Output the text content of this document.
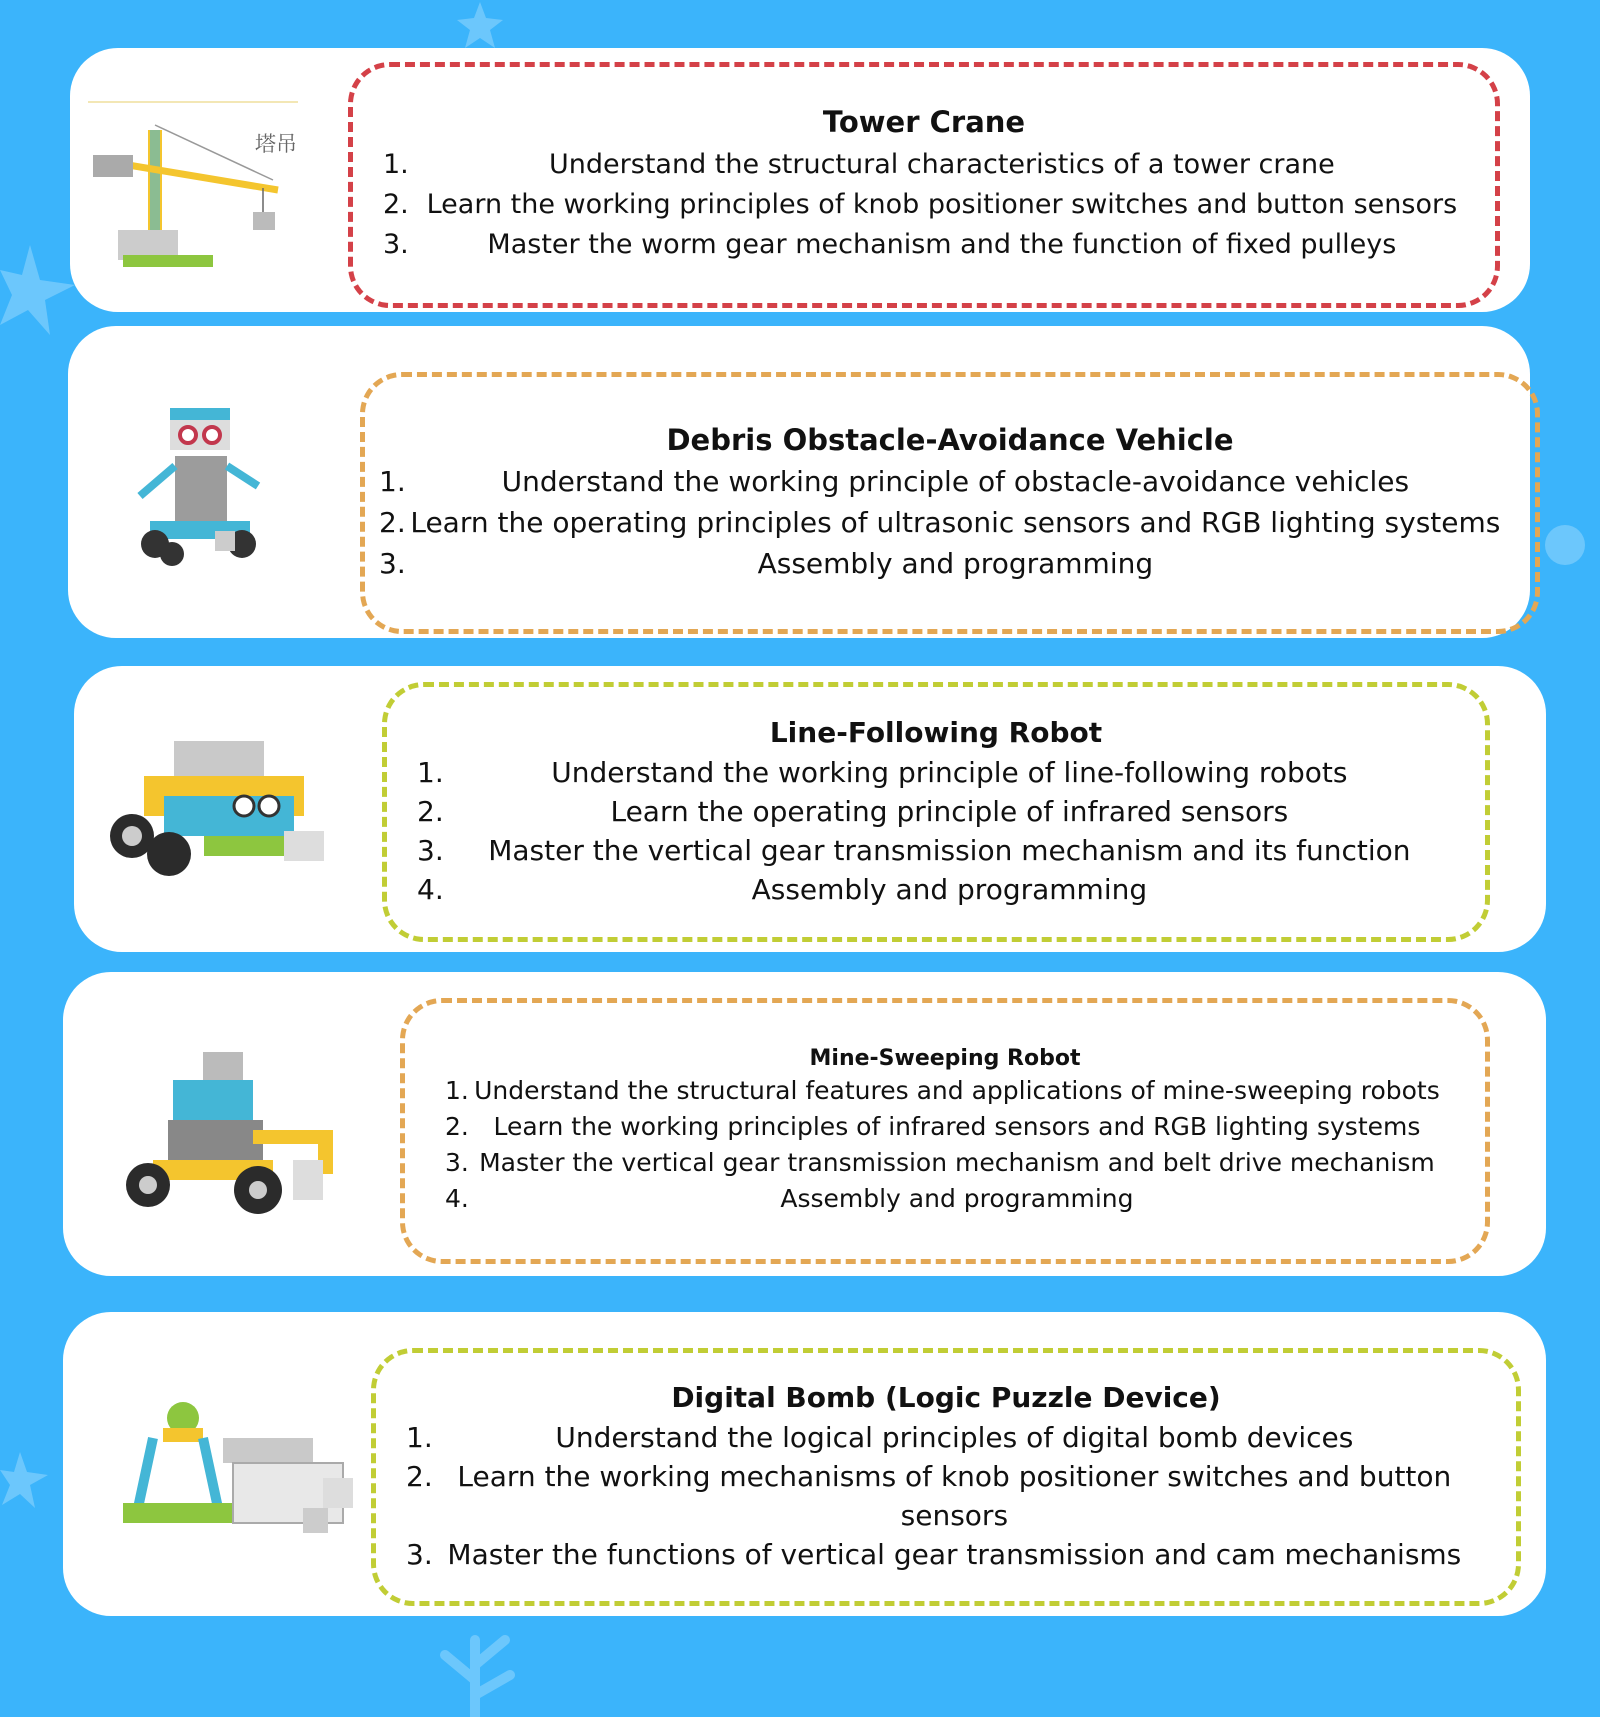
塔吊
Tower Crane
1.	Understand the structural characteristics of a tower crane
2. Learn the working principles of knob positioner switches and button sensors
3.	Master the worm gear mechanism and the function of fixed pulleys
Debris Obstacle-Avoidance Vehicle
1.	Understand the working principle of obstacle-avoidance vehicles
2. Learn the operating principles of ultrasonic sensors and RGB lighting systems
3.	Assembly and programming
Line-Following Robot
1.	Understand the working principle of line-following robots
2.	Learn the operating principle of infrared sensors
3.	Master the vertical gear transmission mechanism and its function
4.	Assembly and programming
Mine-Sweeping Robot
1. Understand the structural features and applications of mine-sweeping robots
2. Learn the working principles of infrared sensors and RGB lighting systems
3. Master the vertical gear transmission mechanism and belt drive mechanism
4.	Assembly and programming
Digital Bomb (Logic Puzzle Device)
1.	Understand the logical principles of digital bomb devices
2. Learn the working mechanisms of knob positioner switches and button sensors
3. Master the functions of vertical gear transmission and cam mechanisms
